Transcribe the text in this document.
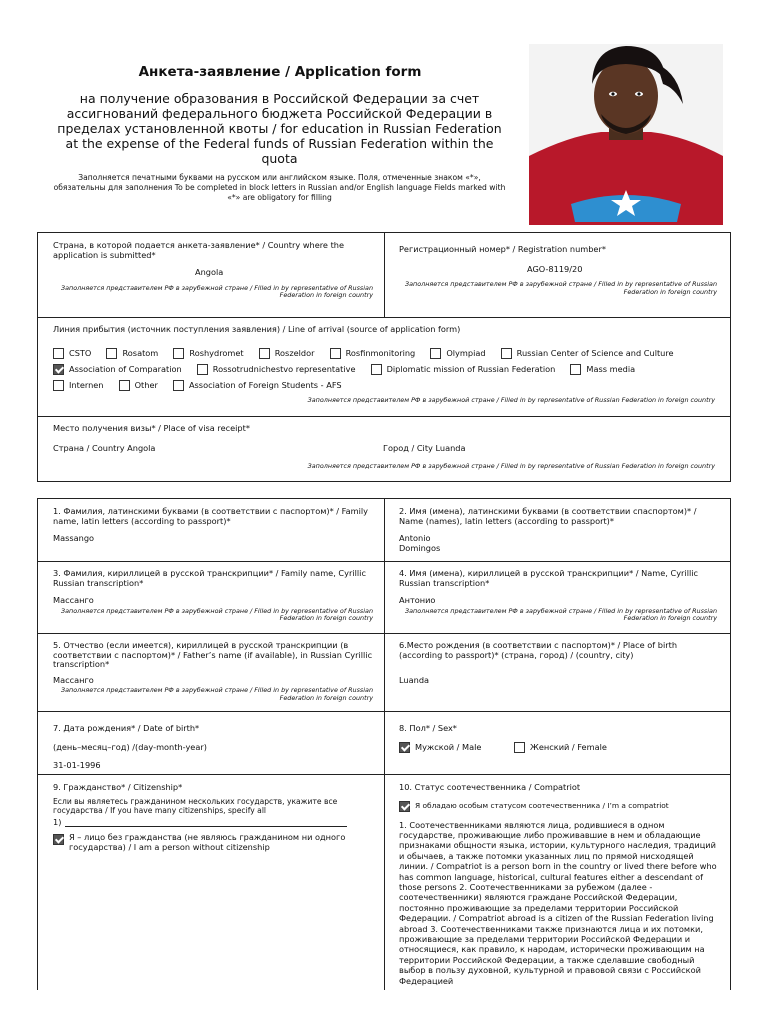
Анкета-заявление / Application form
на получение образования в Российской Федерации за счет ассигнований федерального бюджета Российской Федерации в пределах установленной квоты / for education in Russian Federation at the expense of the Federal funds of Russian Federation within the quota
Заполняется печатными буквами на русском или английском языке. Поля, отмеченные знаком «*», обязательны для заполнения To be completed in block letters in Russian and/or English language Fields marked with «*» are obligatory for filling
Страна, в которой подается анкета-заявление* / Country where the application is submitted*
Angola
Заполняется представителем РФ в зарубежной стране / Filled in by representative of Russian Federation in foreign country
Регистрационный номер* / Registration number*
AGO-8119/20
Заполняется представителем РФ в зарубежной стране / Filled in by representative of Russian Federation in foreign country
Линия прибытия (источник поступления заявления) / Line of arrival (source of application form)
CSTO	Rosatom	Roshydromet	Roszeldor	Rosfinmonitoring	Olympiad	Russian Center of Science and Culture
Association of Comparation	Rossotrudnichestvo representative	Diplomatic mission of Russian Federation	Mass media
Internen	Other	Association of Foreign Students - AFS
Заполняется представителем РФ в зарубежной стране / Filled in by representative of Russian Federation in foreign country
Место получения визы* / Place of visa receipt*
Страна / Country Angola	Город / City Luanda
Заполняется представителем РФ в зарубежной стране / Filled in by representative of Russian Federation in foreign country
1. Фамилия, латинскими буквами (в соответствии с паспортом)* / Family name, latin letters (according to passport)*
Massango
2. Имя (имена), латинскими буквами (в соответствии спаспортом)* / Name (names), latin letters (according to passport)*
Antonio
Domingos
3. Фамилия, кириллицей в русской транскрипции* / Family name, Cyrillic Russian transcription*
Массанго
Заполняется представителем РФ в зарубежной стране / Filled in by representative of Russian Federation in foreign country
4. Имя (имена), кириллицей в русской транскрипции* / Name, Cyrillic Russian transcription*
Антонио
Заполняется представителем РФ в зарубежной стране / Filled in by representative of Russian Federation in foreign country
5. Отчество (если имеется), кириллицей в русской транскрипции (в соответствии с паспортом)* / Father’s name (if available), in Russian Cyrillic transcription*
Массанго
Заполняется представителем РФ в зарубежной стране / Filled in by representative of Russian Federation in foreign country
6.Место рождения (в соответствии с паспортом)* / Place of birth (according to passport)* (страна, город) / (country, city)
Luanda
7. Дата рождения* / Date of birth*
(день–месяц–год) /(day-month-year)
31-01-1996
8. Пол* / Sex*
Мужской / Male	Женский / Female
9. Гражданство* / Citizenship*
Если вы являетесь гражданином нескольких государств, укажите все государства / If you have many citizenships, specify all
1)
Я – лицо без гражданства (не являюсь гражданином ни одного государства) / I am a person without citizenship
10. Статус соотечественника / Compatriot
Я обладаю особым статусом соотечественника / I’m a compatriot
1. Соотечественниками являются лица, родившиеся в одном государстве, проживающие либо проживавшие в нем и обладающие признаками общности языка, истории, культурного наследия, традиций и обычаев, а также потомки указанных лиц по прямой нисходящей линии. / Compatriot is a person born in the country or lived there before who has common language, historical, cultural features either a descendant of those persons 2. Соотечественниками за рубежом (далее - соотечественники) являются граждане Российской Федерации, постоянно проживающие за пределами территории Российской Федерации. / Compatriot abroad is a citizen of the Russian Federation living abroad 3. Соотечественниками также признаются лица и их потомки, проживающие за пределами территории Российской Федерации и относящиеся, как правило, к народам, исторически проживающим на территории Российской Федерации, а также сделавшие свободный выбор в пользу духовной, культурной и правовой связи с Российской Федерацией
